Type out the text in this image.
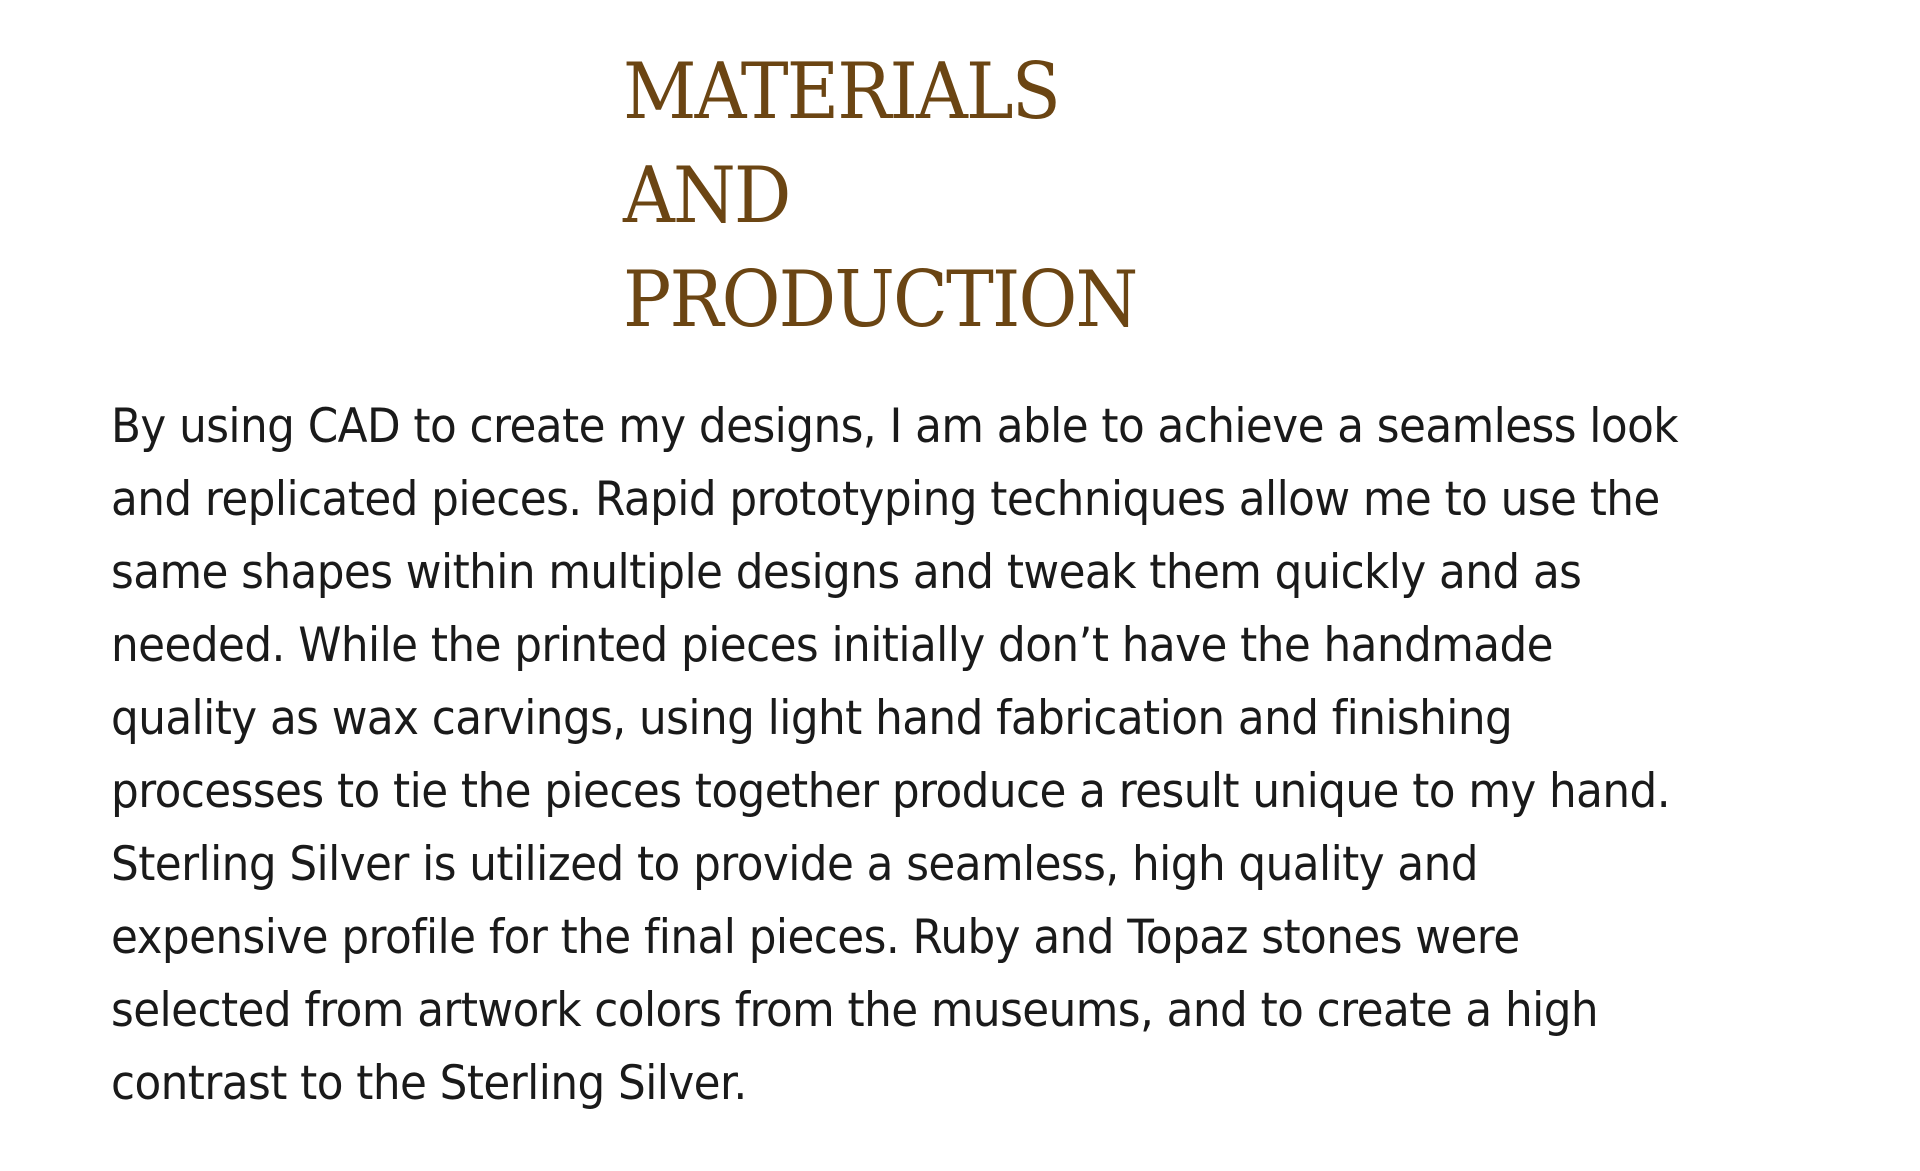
MATERIALS
AND
PRODUCTION

By using CAD to create my designs, I am able to achieve a seamless look
and replicated pieces. Rapid prototyping techniques allow me to use the
same shapes within multiple designs and tweak them quickly and as
needed. While the printed pieces initially don’t have the handmade
quality as wax carvings, using light hand fabrication and finishing
processes to tie the pieces together produce a result unique to my hand.
Sterling Silver is utilized to provide a seamless, high quality and
expensive profile for the final pieces. Ruby and Topaz stones were
selected from artwork colors from the museums, and to create a high
contrast to the Sterling Silver.
